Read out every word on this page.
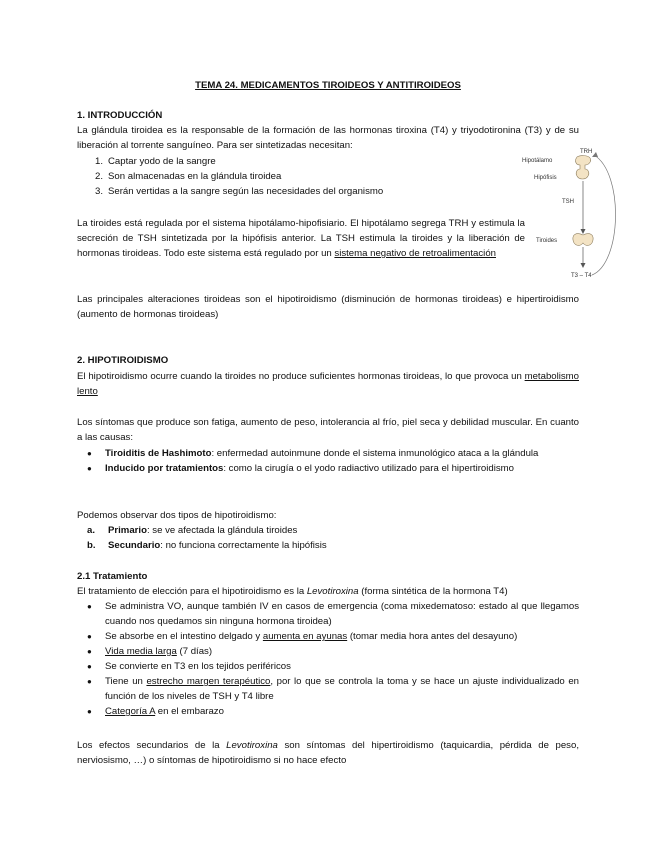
TEMA 24. MEDICAMENTOS TIROIDEOS Y ANTITIROIDEOS
1. INTRODUCCIÓN
La glándula tiroidea es la responsable de la formación de las hormonas tiroxina (T4) y triyodotironina (T3) y de su liberación al torrente sanguíneo. Para ser sintetizadas necesitan:
1. Captar yodo de la sangre
2. Son almacenadas en la glándula tiroidea
3. Serán vertidas a la sangre según las necesidades del organismo
La tiroides está regulada por el sistema hipotálamo-hipofisiario. El hipotálamo segrega TRH y estimula la secreción de TSH sintetizada por la hipófisis anterior. La TSH estimula la tiroides y la liberación de hormonas tiroideas. Todo este sistema está regulado por un sistema negativo de retroalimentación
Las principales alteraciones tiroideas son el hipotiroidismo (disminución de hormonas tiroideas) e hipertiroidismo (aumento de hormonas tiroideas)
2. HIPOTIROIDISMO
El hipotiroidismo ocurre cuando la tiroides no produce suficientes hormonas tiroideas, lo que provoca un metabolismo lento
Los síntomas que produce son fatiga, aumento de peso, intolerancia al frío, piel seca y debilidad muscular. En cuanto a las causas:
● Tiroiditis de Hashimoto: enfermedad autoinmune donde el sistema inmunológico ataca a la glándula
● Inducido por tratamientos: como la cirugía o el yodo radiactivo utilizado para el hipertiroidismo
Podemos observar dos tipos de hipotiroidismo:
a.	Primario: se ve afectada la glándula tiroides
b.	Secundario: no funciona correctamente la hipófisis
2.1 Tratamiento
El tratamiento de elección para el hipotiroidismo es la Levotiroxina (forma sintética de la hormona T4)
● Se administra VO, aunque también IV en casos de emergencia (coma mixedematoso: estado al que llegamos cuando nos quedamos sin ninguna hormona tiroidea)
● Se absorbe en el intestino delgado y aumenta en ayunas (tomar media hora antes del desayuno)
● Vida media larga (7 días)
● Se convierte en T3 en los tejidos periféricos
● Tiene un estrecho margen terapéutico, por lo que se controla la toma y se hace un ajuste individualizado en función de los niveles de TSH y T4 libre
● Categoría A en el embarazo
Los efectos secundarios de la Levotiroxina son síntomas del hipertiroidismo (taquicardia, pérdida de peso, nerviosismo, …) o síntomas de hipotiroidismo si no hace efecto
TRH
Hipotálamo
Hipófisis
TSH
Tiroides
T3 – T4
